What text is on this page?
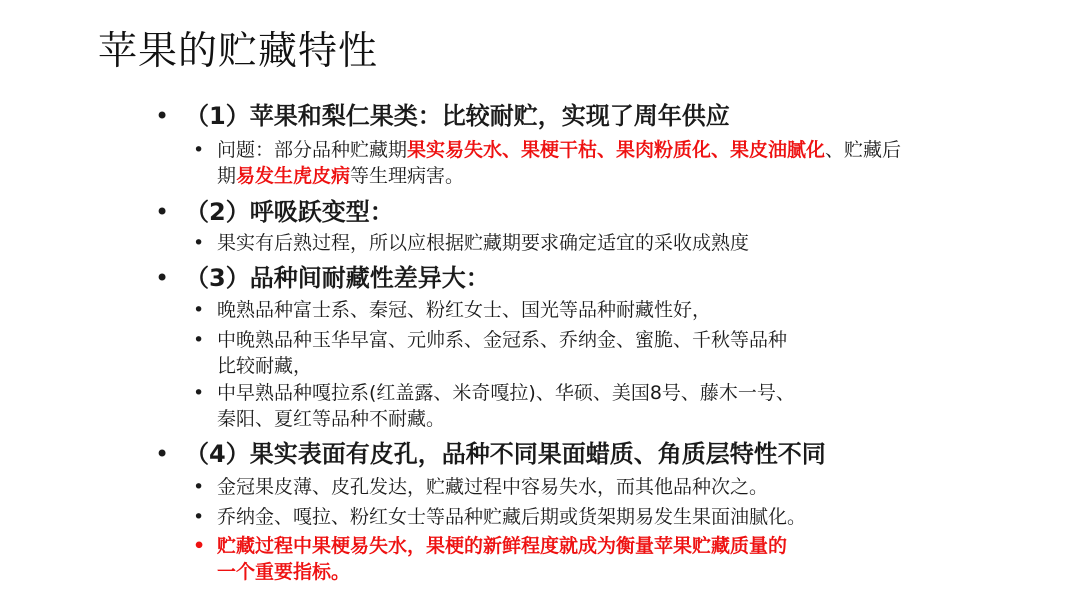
苹果的贮藏特性
• （1）苹果和梨仁果类：比较耐贮，实现了周年供应
• 问题：部分品种贮藏期果实易失水、果梗干枯、果肉粉质化、果皮油腻化、贮藏后期易发生虎皮病等生理病害。
• （2）呼吸跃变型：
• 果实有后熟过程，所以应根据贮藏期要求确定适宜的采收成熟度
• （3）品种间耐藏性差异大：
• 晚熟品种富士系、秦冠、粉红女士、国光等品种耐藏性好，
• 中晚熟品种玉华早富、元帅系、金冠系、乔纳金、蜜脆、千秋等品种
比较耐藏，
• 中早熟品种嘎拉系(红盖露、米奇嘎拉)、华硕、美国8号、藤木一号、
秦阳、夏红等品种不耐藏。
• （4）果实表面有皮孔，品种不同果面蜡质、角质层特性不同
• 金冠果皮薄、皮孔发达，贮藏过程中容易失水，而其他品种次之。
• 乔纳金、嘎拉、粉红女士等品种贮藏后期或货架期易发生果面油腻化。
• 贮藏过程中果梗易失水，果梗的新鲜程度就成为衡量苹果贮藏质量的
一个重要指标。
